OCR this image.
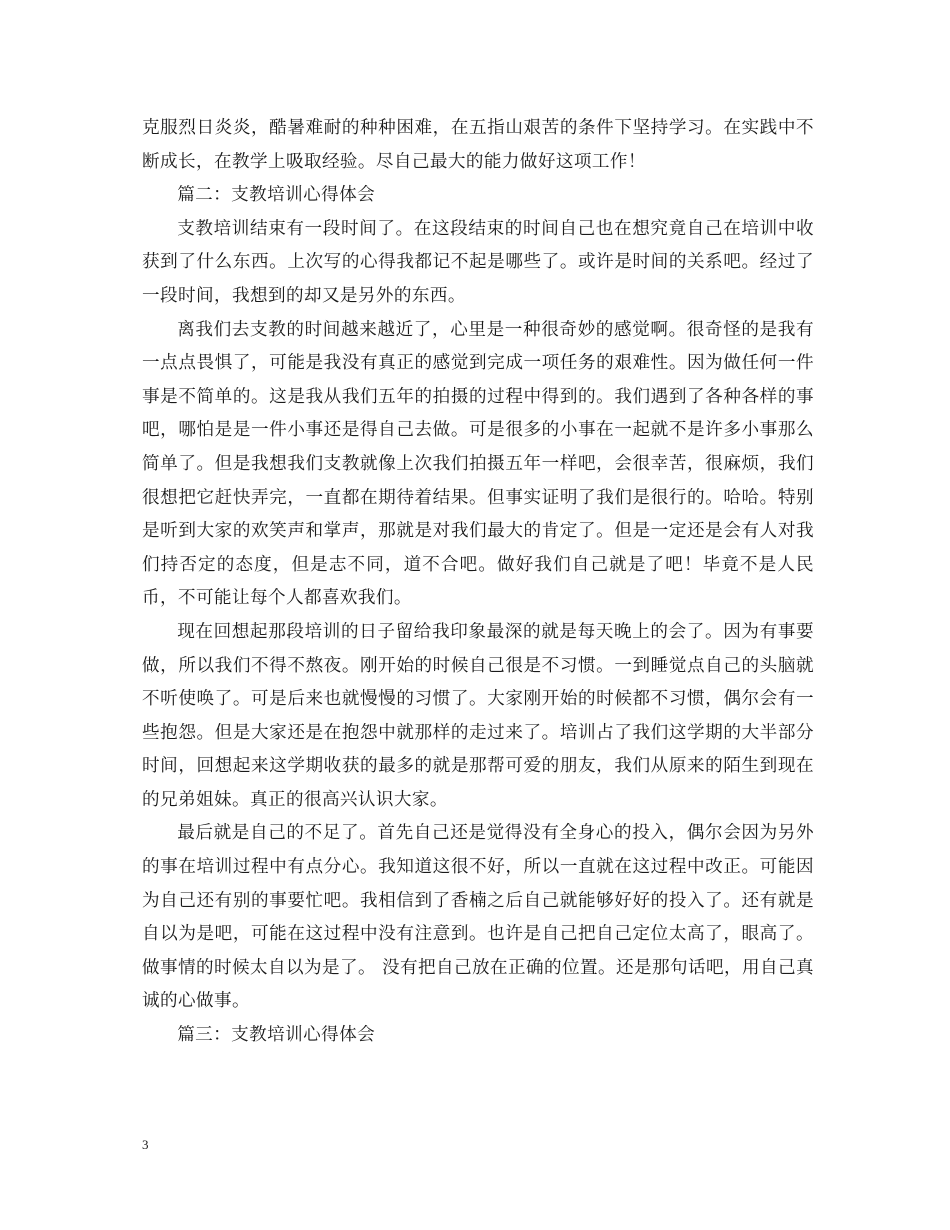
克服烈日炎炎，酷暑难耐的种种困难，在五指山艰苦的条件下坚持学习。在实践中不断成长，在教学上吸取经验。尽自己最大的能力做好这项工作！

篇二：支教培训心得体会

支教培训结束有一段时间了。在这段结束的时间自己也在想究竟自己在培训中收获到了什么东西。上次写的心得我都记不起是哪些了。或许是时间的关系吧。经过了一段时间，我想到的却又是另外的东西。

离我们去支教的时间越来越近了，心里是一种很奇妙的感觉啊。很奇怪的是我有一点点畏惧了，可能是我没有真正的感觉到完成一项任务的艰难性。因为做任何一件事是不简单的。这是我从我们五年的拍摄的过程中得到的。我们遇到了各种各样的事吧，哪怕是是一件小事还是得自己去做。可是很多的小事在一起就不是许多小事那么简单了。但是我想我们支教就像上次我们拍摄五年一样吧，会很幸苦，很麻烦，我们很想把它赶快弄完，一直都在期待着结果。但事实证明了我们是很行的。哈哈。特别是听到大家的欢笑声和掌声，那就是对我们最大的肯定了。但是一定还是会有人对我们持否定的态度，但是志不同，道不合吧。做好我们自己就是了吧！毕竟不是人民币，不可能让每个人都喜欢我们。

现在回想起那段培训的日子留给我印象最深的就是每天晚上的会了。因为有事要做，所以我们不得不熬夜。刚开始的时候自己很是不习惯。一到睡觉点自己的头脑就不听使唤了。可是后来也就慢慢的习惯了。大家刚开始的时候都不习惯，偶尔会有一些抱怨。但是大家还是在抱怨中就那样的走过来了。培训占了我们这学期的大半部分时间，回想起来这学期收获的最多的就是那帮可爱的朋友，我们从原来的陌生到现在的兄弟姐妹。真正的很高兴认识大家。

最后就是自己的不足了。首先自己还是觉得没有全身心的投入，偶尔会因为另外的事在培训过程中有点分心。我知道这很不好，所以一直就在这过程中改正。可能因为自己还有别的事要忙吧。我相信到了香楠之后自己就能够好好的投入了。还有就是自以为是吧，可能在这过程中没有注意到。也许是自己把自己定位太高了，眼高了。做事情的时候太自以为是了。 没有把自己放在正确的位置。还是那句话吧，用自己真诚的心做事。

篇三：支教培训心得体会

3
